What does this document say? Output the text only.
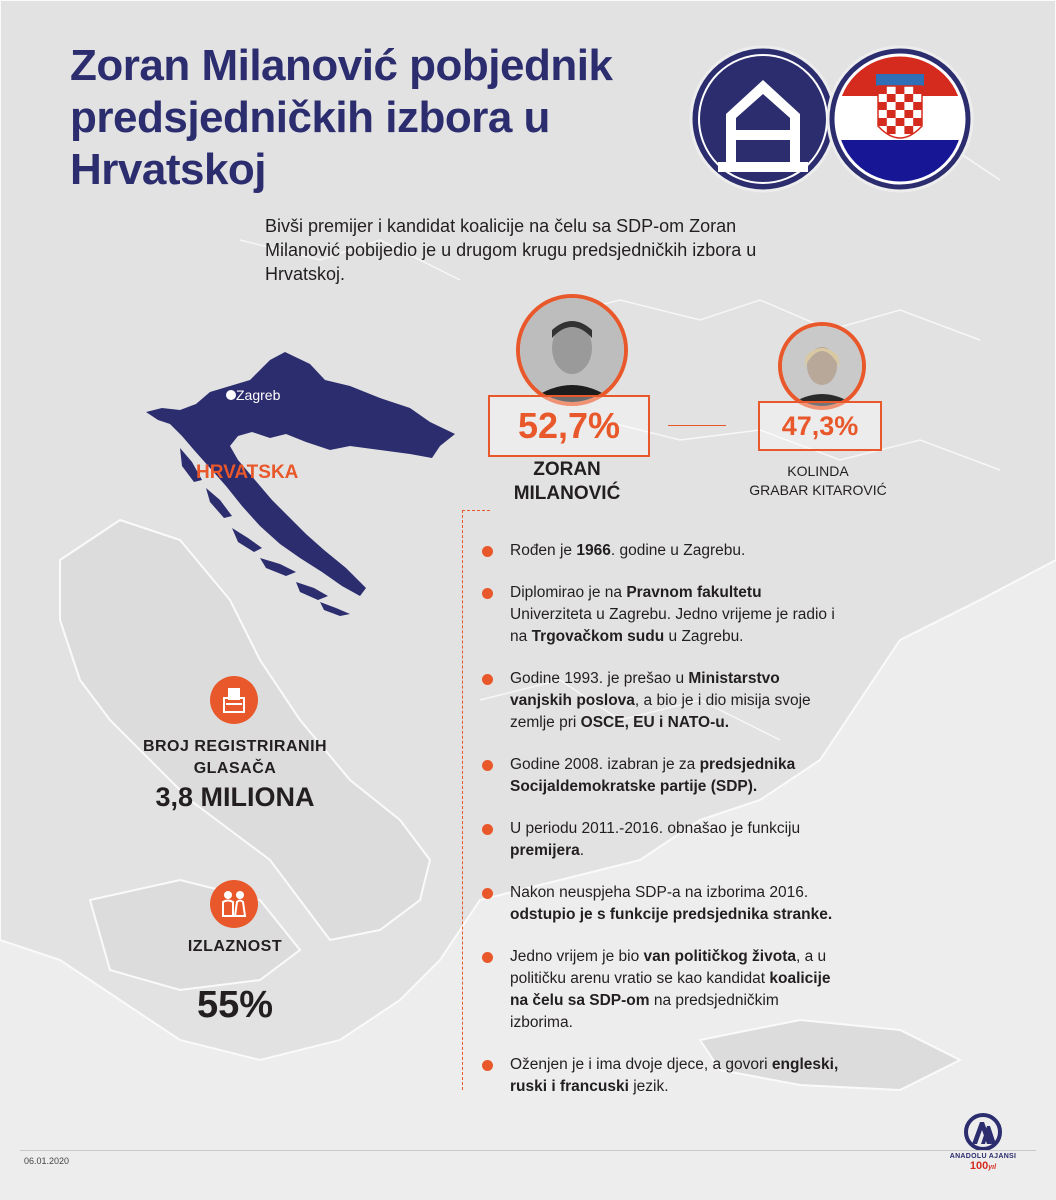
Zagreb
HRVATSKA
Zoran Milanović pobjednik predsjedničkih izbora u Hrvatskoj
Bivši premijer i kandidat koalicije na čelu sa SDP-om Zoran Milanović pobijedio je u drugom krugu predsjedničkih izbora u Hrvatskoj.
52,7%
ZORAN
MILANOVIĆ
47,3%
KOLINDA
GRABAR KITAROVIĆ
Rođen je 1966. godine u Zagrebu.
Diplomirao je na Pravnom fakultetu Univerziteta u Zagrebu. Jedno vrijeme je radio i na Trgovačkom sudu u Zagrebu.
Godine 1993. je prešao u Ministarstvo vanjskih poslova, a bio je i dio misija svoje zemlje pri OSCE, EU i NATO-u.
Godine 2008. izabran je za predsjednika Socijaldemokratske partije (SDP).
U periodu 2011.-2016. obnašao je funkciju premijera.
Nakon neuspjeha SDP-a na izborima 2016. odstupio je s funkcije predsjednika stranke.
Jedno vrijem je bio van političkog života, a u političku arenu vratio se kao kandidat koalicije na čelu sa SDP-om na predsjedničkim izborima.
Oženjen je i ima dvoje djece, a govori engleski, ruski i francuski jezik.
BROJ REGISTRIRANIH
GLASAČA
3,8 MILIONA
IZLAZNOST
55%
06.01.2020	ANADOLU AJANSI
100yıl
